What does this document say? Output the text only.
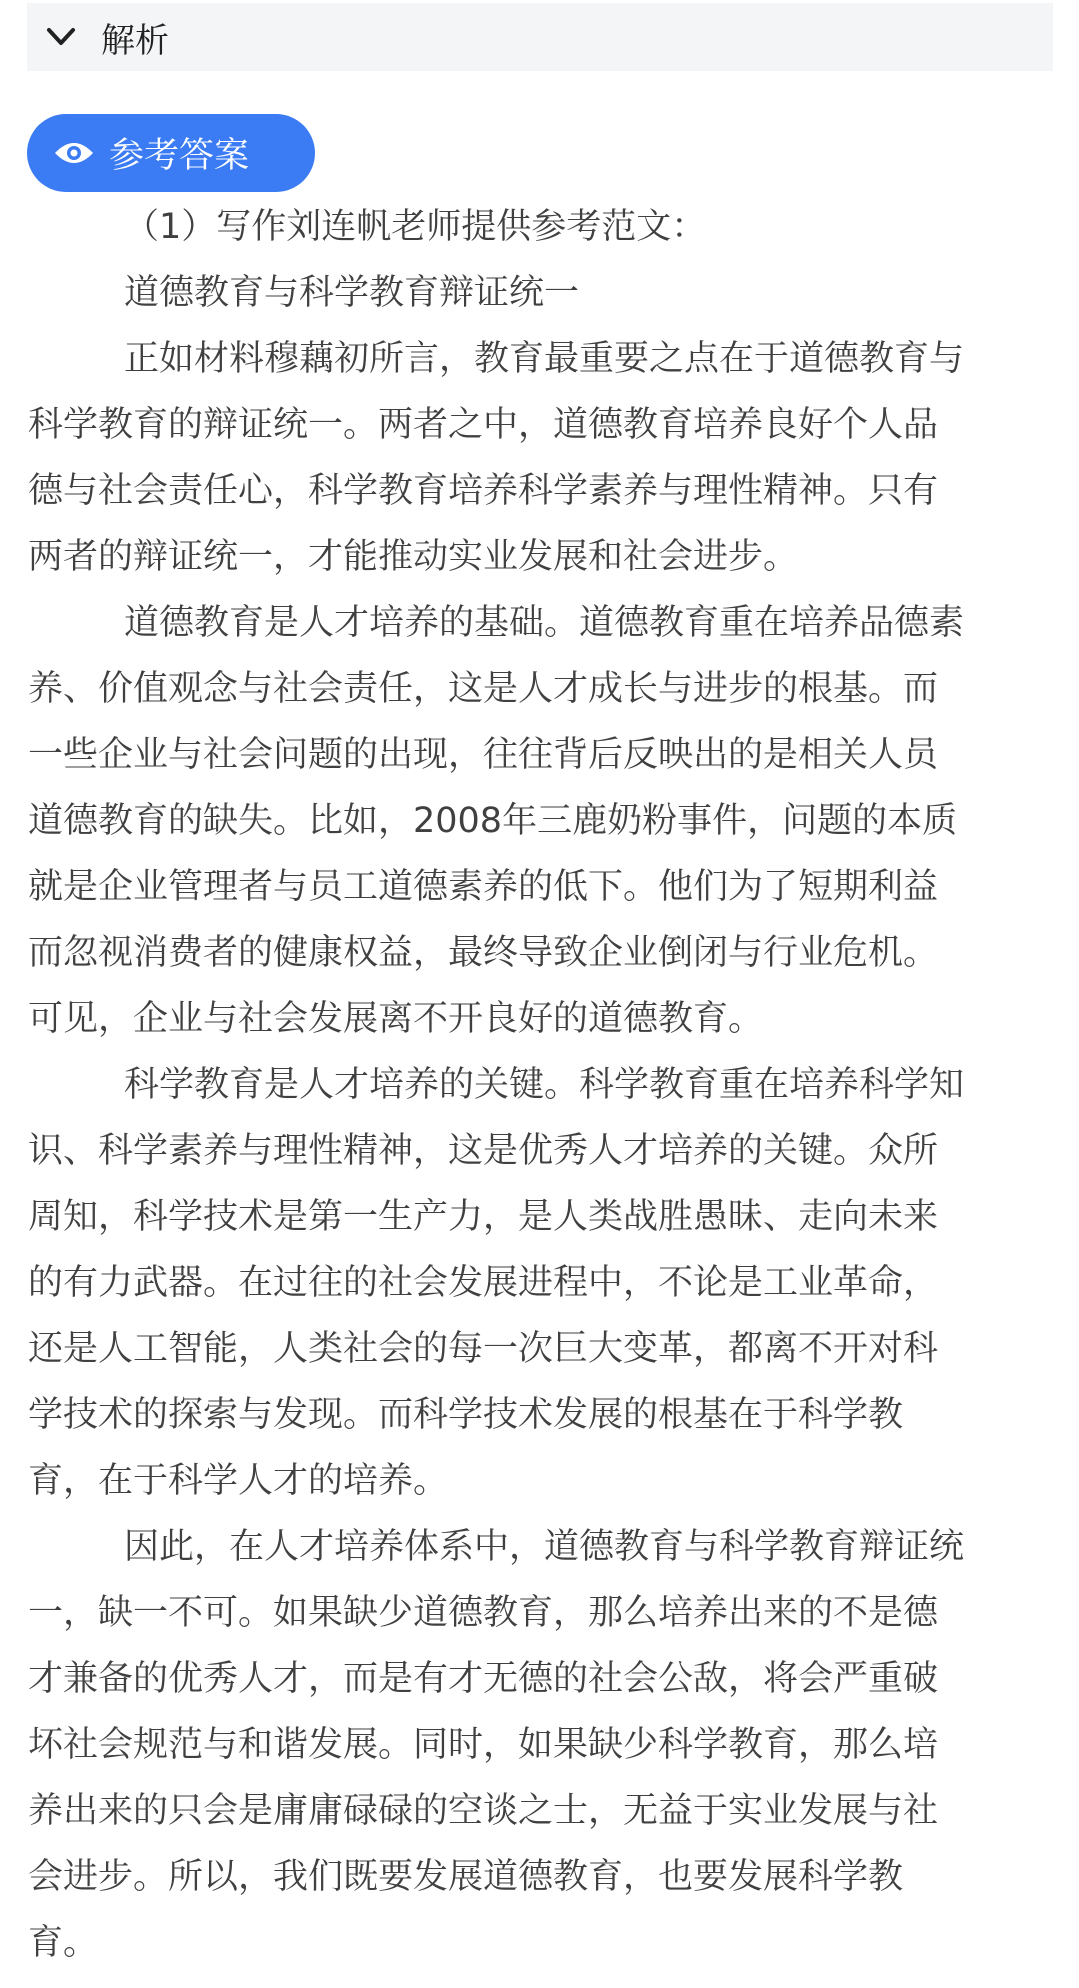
解析
参考答案
（1）写作刘连帆老师提供参考范文：
道德教育与科学教育辩证统一
正如材料穆藕初所言，教育最重要之点在于道德教育与
科学教育的辩证统一。两者之中，道德教育培养良好个人品
德与社会责任心，科学教育培养科学素养与理性精神。只有
两者的辩证统一，才能推动实业发展和社会进步。
道德教育是人才培养的基础。道德教育重在培养品德素
养、价值观念与社会责任，这是人才成长与进步的根基。而
一些企业与社会问题的出现，往往背后反映出的是相关人员
道德教育的缺失。比如，2008年三鹿奶粉事件，问题的本质
就是企业管理者与员工道德素养的低下。他们为了短期利益
而忽视消费者的健康权益，最终导致企业倒闭与行业危机。
可见，企业与社会发展离不开良好的道德教育。
科学教育是人才培养的关键。科学教育重在培养科学知
识、科学素养与理性精神，这是优秀人才培养的关键。众所
周知，科学技术是第一生产力，是人类战胜愚昧、走向未来
的有力武器。在过往的社会发展进程中，不论是工业革命，
还是人工智能，人类社会的每一次巨大变革，都离不开对科
学技术的探索与发现。而科学技术发展的根基在于科学教
育，在于科学人才的培养。
因此，在人才培养体系中，道德教育与科学教育辩证统
一，缺一不可。如果缺少道德教育，那么培养出来的不是德
才兼备的优秀人才，而是有才无德的社会公敌，将会严重破
坏社会规范与和谐发展。同时，如果缺少科学教育，那么培
养出来的只会是庸庸碌碌的空谈之士，无益于实业发展与社
会进步。所以，我们既要发展道德教育，也要发展科学教
育。
